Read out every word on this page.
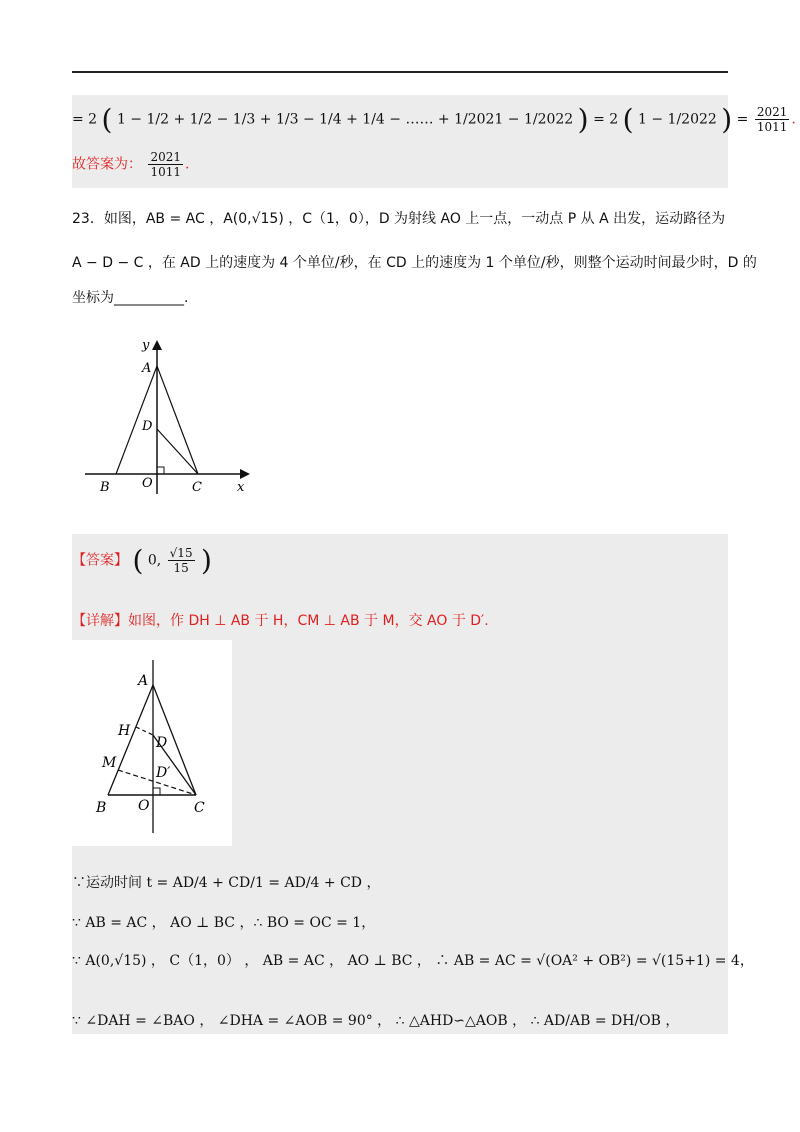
= 2 ( 1 − 1/2 + 1/2 − 1/3 + 1/3 − 1/4 + 1/4 − …… + 1/2021 − 1/2022 ) = 2 ( 1 − 1/2022 ) = $\frac{2021}{1011}$ .
故答案为： $\frac{2021}{1011}$ .
23．如图，AB = AC ，A(0,√15) ，C（1，0），D 为射线 AO 上一点，一动点 P 从 A 出发，运动路径为
A − D − C ，在 AD 上的速度为 4 个单位/秒，在 CD 上的速度为 1 个单位/秒，则整个运动时间最少时，D 的
坐标为__________.
y
A
D
B O	C	x
【答案】 ( 0, $\frac{√15}{15}$ )
【详解】如图，作 DH ⊥ AB 于 H，CM ⊥ AB 于 M，交 AO 于 D′.
A
H
D
M
D′
B O	C
∵运动时间 t = AD/4 + CD/1 = AD/4 + CD ，
∵ AB = AC ， AO ⊥ BC ，∴ BO = OC = 1，
∵ A(0,√15) ， C（1，0） ， AB = AC ， AO ⊥ BC ， ∴ AB = AC = √(OA² + OB²) = √(15+1) = 4，
∵ ∠DAH = ∠BAO ， ∠DHA = ∠AOB = 90° ， ∴ △AHD∽△AOB ， ∴ AD/AB = DH/OB ，
